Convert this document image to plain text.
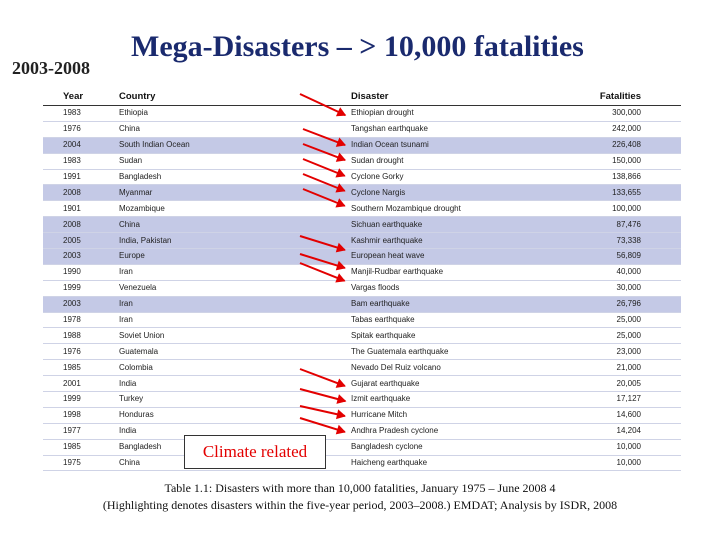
2003-2008
Mega-Disasters – > 10,000 fatalities
Year	Country	Disaster	Fatalities
1983	Ethiopia	Ethiopian drought	300,000
1976	China	Tangshan earthquake	242,000
2004	South Indian Ocean	Indian Ocean tsunami	226,408
1983	Sudan	Sudan drought	150,000
1991	Bangladesh	Cyclone Gorky	138,866
2008	Myanmar	Cyclone Nargis	133,655
1901	Mozambique	Southern Mozambique drought	100,000
2008	China	Sichuan earthquake	87,476
2005	India, Pakistan	Kashmir earthquake	73,338
2003	Europe	European heat wave	56,809
1990	Iran	Manjil-Rudbar earthquake	40,000
1999	Venezuela	Vargas floods	30,000
2003	Iran	Bam earthquake	26,796
1978	Iran	Tabas earthquake	25,000
1988	Soviet Union	Spitak earthquake	25,000
1976	Guatemala	The Guatemala earthquake	23,000
1985	Colombia	Nevado Del Ruiz volcano	21,000
2001	India	Gujarat earthquake	20,005
1999	Turkey	Izmit earthquake	17,127
1998	Honduras	Hurricane Mitch	14,600
1977	India	Andhra Pradesh cyclone	14,204
1985	Bangladesh	Bangladesh cyclone	10,000
1975	China	Haicheng earthquake	10,000
Climate related
Table 1.1: Disasters with more than 10,000 fatalities, January 1975 – June 2008 4
(Highlighting denotes disasters within the five-year period, 2003–2008.) EMDAT; Analysis by ISDR, 2008
